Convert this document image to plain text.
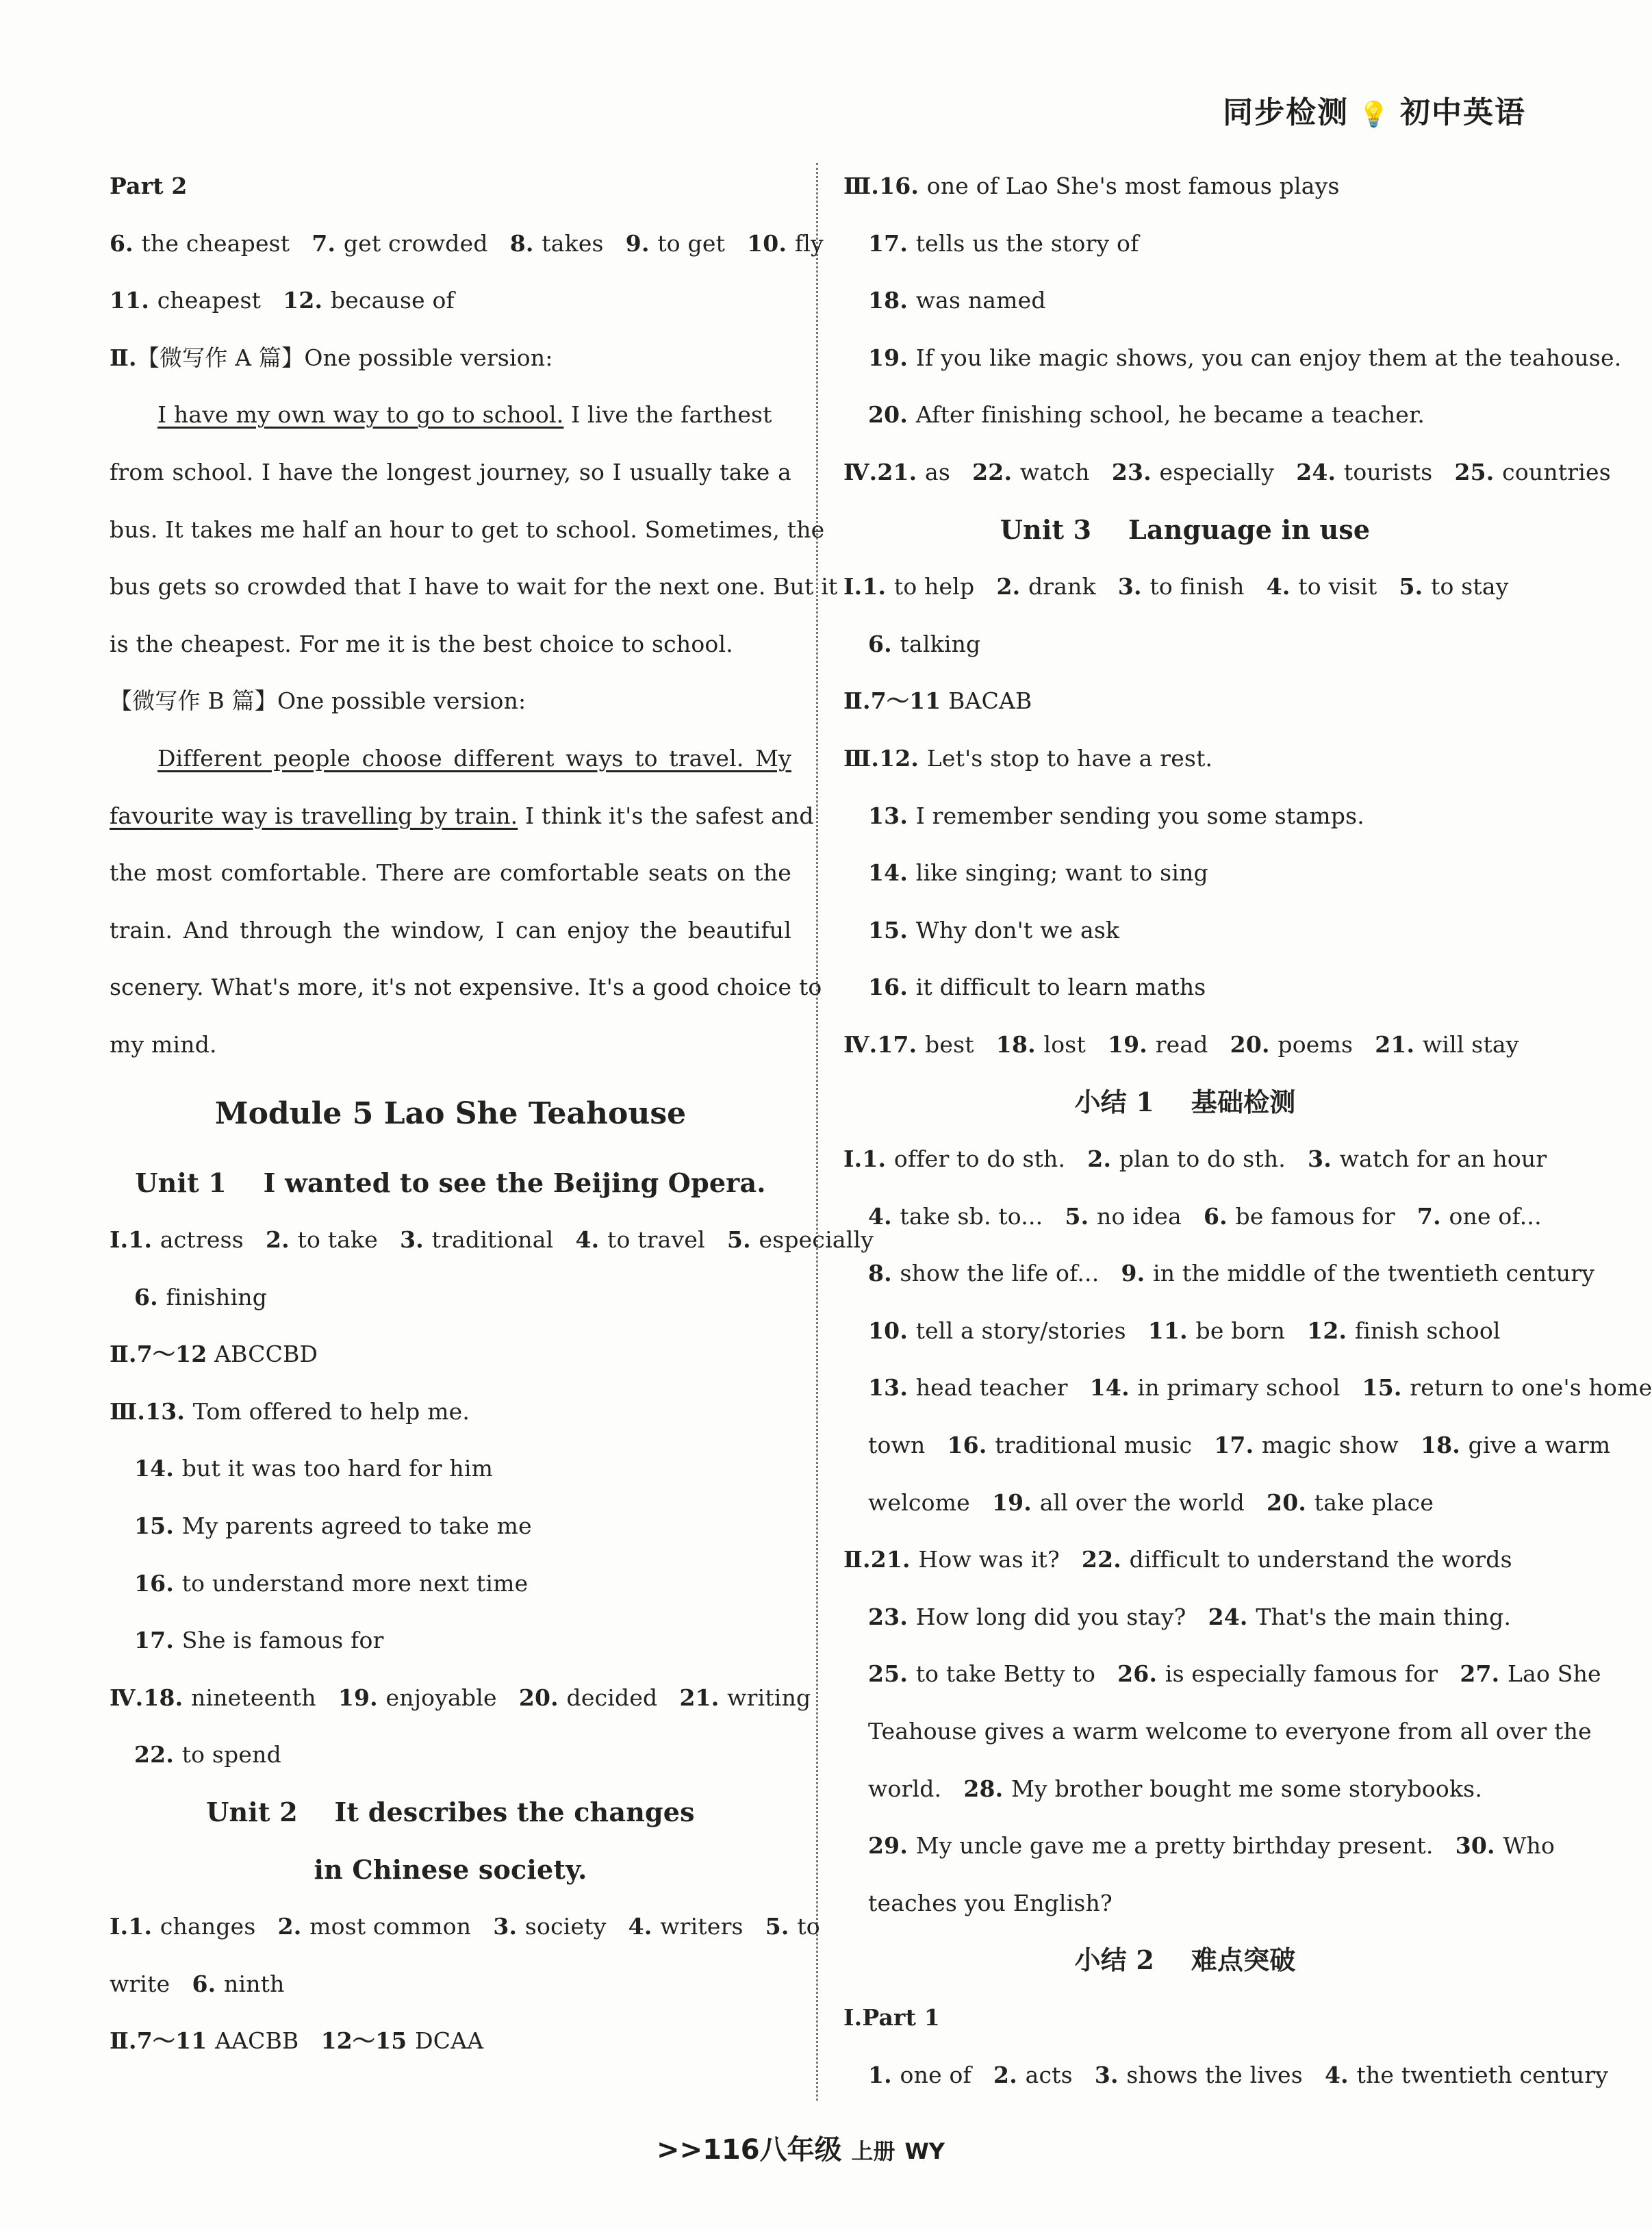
同步检测 💡 初中英语
Part 2
6. the cheapest 7. get crowded 8. takes 9. to get 10. fly
11. cheapest 12. because of
Ⅱ.【微写作 A 篇】One possible version:
I have my own way to go to school. I live the farthest
from school. I have the longest journey, so I usually take a
bus. It takes me half an hour to get to school. Sometimes, the
bus gets so crowded that I have to wait for the next one. But it
is the cheapest. For me it is the best choice to school.
【微写作 B 篇】One possible version:
Different people choose different ways to travel. My
favourite way is travelling by train. I think it's the safest and
the most comfortable. There are comfortable seats on the
train. And through the window, I can enjoy the beautiful
scenery. What's more, it's not expensive. It's a good choice to
my mind.
Module 5 Lao She Teahouse
Unit 1    I wanted to see the Beijing Opera.
Ⅰ.1. actress 2. to take 3. traditional 4. to travel 5. especially
6. finishing
Ⅱ.7～12 ABCCBD
Ⅲ.13. Tom offered to help me.
14. but it was too hard for him
15. My parents agreed to take me
16. to understand more next time
17. She is famous for
Ⅳ.18. nineteenth 19. enjoyable 20. decided 21. writing
22. to spend
Unit 2    It describes the changes
in Chinese society.
Ⅰ.1. changes 2. most common 3. society 4. writers 5. to
write 6. ninth
Ⅱ.7～11 AACBB 12～15 DCAA
Ⅲ.16. one of Lao She's most famous plays
17. tells us the story of
18. was named
19. If you like magic shows, you can enjoy them at the teahouse.
20. After finishing school, he became a teacher.
Ⅳ.21. as 22. watch 23. especially 24. tourists 25. countries
Unit 3    Language in use
Ⅰ.1. to help 2. drank 3. to finish 4. to visit 5. to stay
6. talking
Ⅱ.7～11 BACAB
Ⅲ.12. Let's stop to have a rest.
13. I remember sending you some stamps.
14. like singing; want to sing
15. Why don't we ask
16. it difficult to learn maths
Ⅳ.17. best 18. lost 19. read 20. poems 21. will stay
小结 1    基础检测
Ⅰ.1. offer to do sth. 2. plan to do sth. 3. watch for an hour
4. take sb. to... 5. no idea 6. be famous for 7. one of...
8. show the life of... 9. in the middle of the twentieth century
10. tell a story/stories 11. be born 12. finish school
13. head teacher 14. in primary school 15. return to one's home
town 16. traditional music 17. magic show 18. give a warm
welcome 19. all over the world 20. take place
Ⅱ.21. How was it? 22. difficult to understand the words
23. How long did you stay? 24. That's the main thing.
25. to take Betty to 26. is especially famous for 27. Lao She
Teahouse gives a warm welcome to everyone from all over the
world. 28. My brother bought me some storybooks.
29. My uncle gave me a pretty birthday present. 30. Who
teaches you English?
小结 2    难点突破
Ⅰ.Part 1
1. one of 2. acts 3. shows the lives 4. the twentieth century
>>116八年级 上册 WY
